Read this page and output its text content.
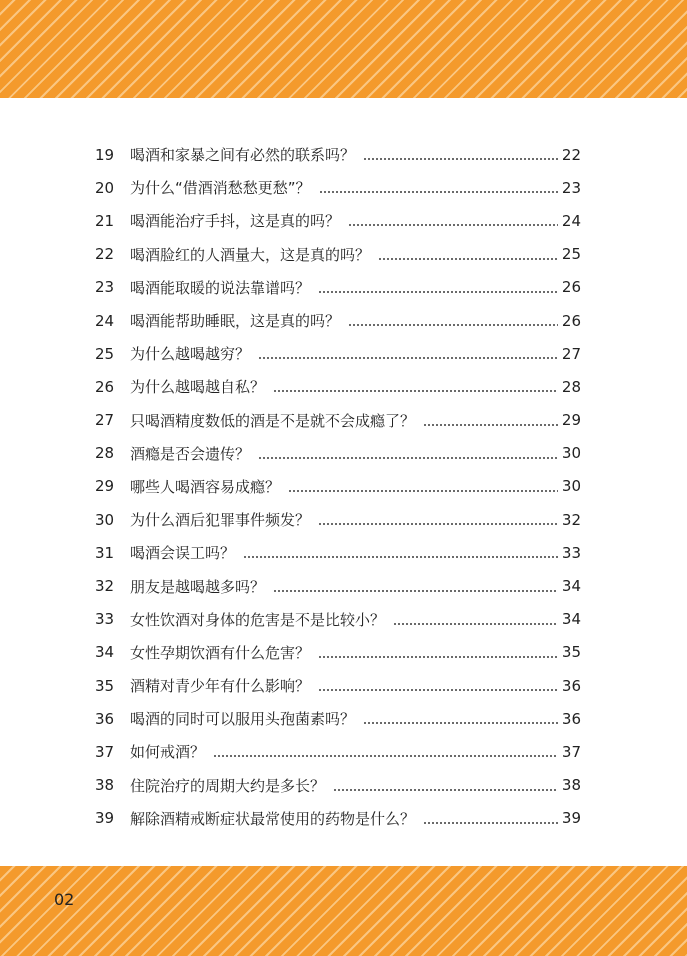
19	喝酒和家暴之间有必然的联系吗？	22
20	为什么“借酒消愁愁更愁”？	23
21	喝酒能治疗手抖，这是真的吗？	24
22	喝酒脸红的人酒量大，这是真的吗？	25
23	喝酒能取暖的说法靠谱吗？	26
24	喝酒能帮助睡眠，这是真的吗？	26
25	为什么越喝越穷？	27
26	为什么越喝越自私？	28
27	只喝酒精度数低的酒是不是就不会成瘾了？	29
28	酒瘾是否会遗传？	30
29	哪些人喝酒容易成瘾？	30
30	为什么酒后犯罪事件频发？	32
31	喝酒会误工吗？	33
32	朋友是越喝越多吗？	34
33	女性饮酒对身体的危害是不是比较小？	34
34	女性孕期饮酒有什么危害？	35
35	酒精对青少年有什么影响？	36
36	喝酒的同时可以服用头孢菌素吗？	36
37	如何戒酒？	37
38	住院治疗的周期大约是多长？	38
39	解除酒精戒断症状最常使用的药物是什么？	39
02
